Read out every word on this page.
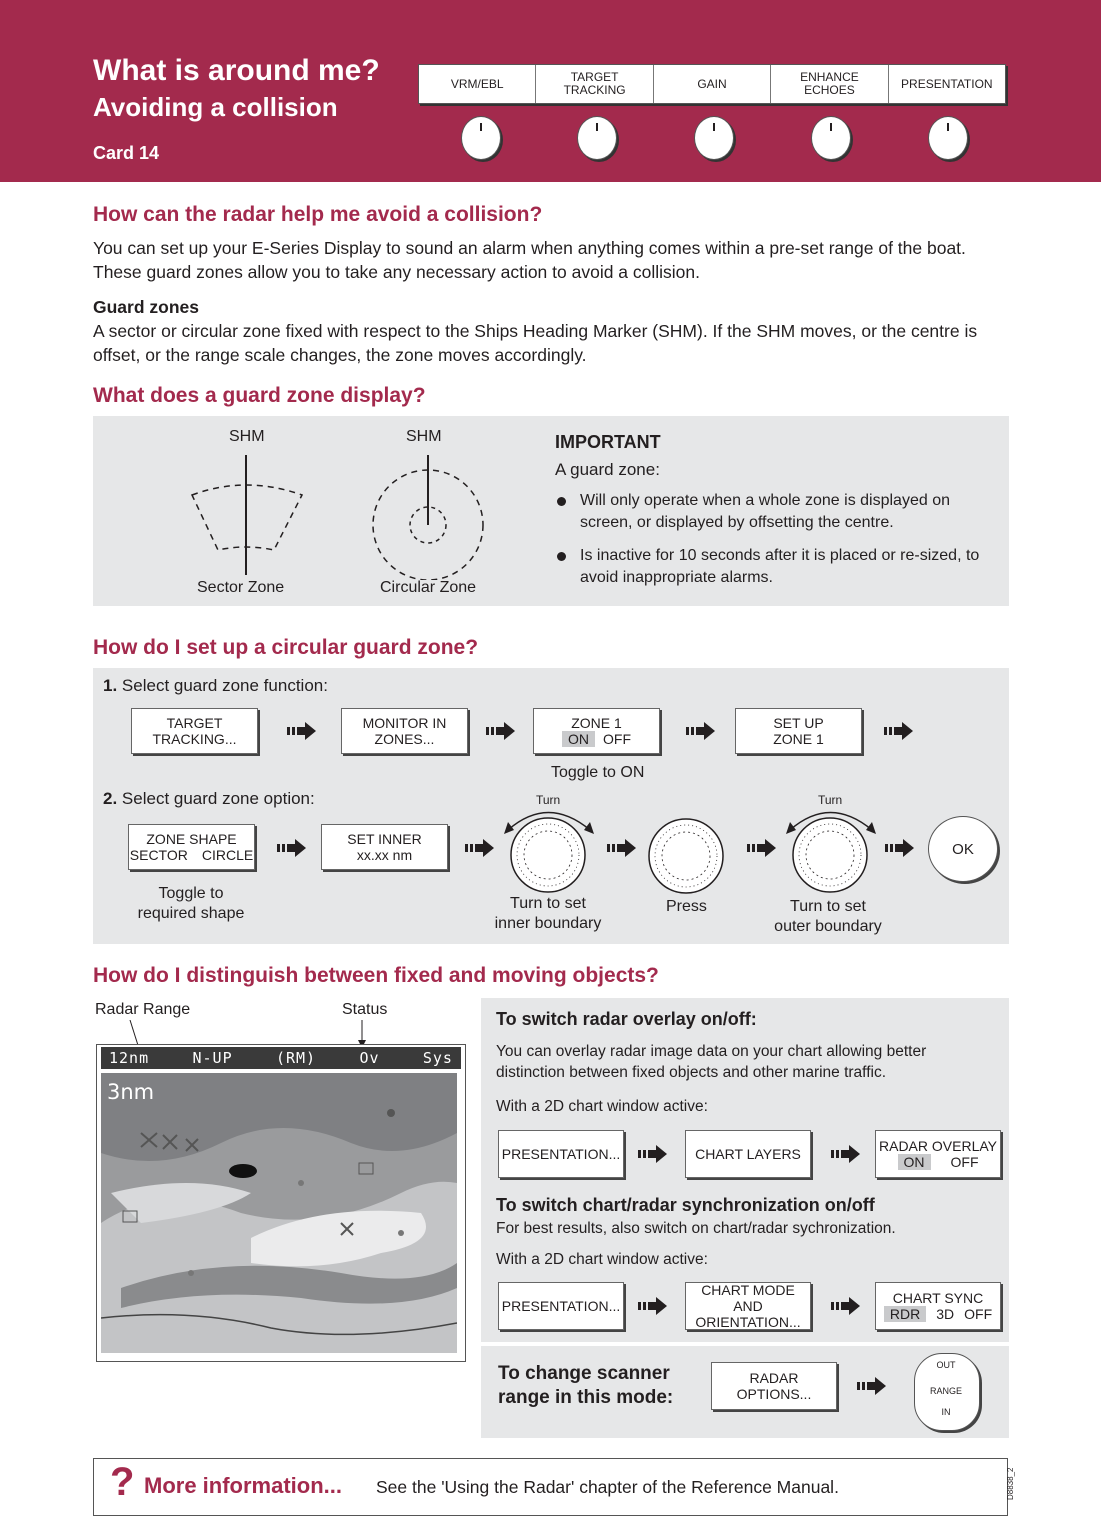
What is around me?
Avoiding a collision
Card 14
VRM/EBL	TARGET
TRACKING	GAIN	ENHANCE
ECHOES	PRESENTATION
How can the radar help me avoid a collision?
You can set up your E-Series Display to sound an alarm when anything comes within a pre-set range of the boat.
These guard zones allow you to take any necessary action to avoid a collision.
Guard zones
A sector or circular zone fixed with respect to the Ships Heading Marker (SHM). If the SHM moves, or the centre is
offset, or the range scale changes, the zone moves accordingly.
What does a guard zone display?
SHM	SHM
Sector Zone	Circular Zone
IMPORTANT
A guard zone:
Will only operate when a whole zone is displayed on
screen, or displayed by offsetting the centre.
Is inactive for 10 seconds after it is placed or re-sized, to
avoid inappropriate alarms.
How do I set up a circular guard zone?
1. Select guard zone function:
TARGET
TRACKING...
MONITOR IN
ZONES...
ZONE 1
ON	OFF
Toggle to ON
SET UP
ZONE 1
2. Select guard zone option:
ZONE SHAPE
SECTOR CIRCLE
Toggle to
required shape
SET INNER
xx.xx nm
Turn
Turn to set
inner boundary
Press
Turn
Turn to set
outer boundary
OK
How do I distinguish between fixed and moving objects?
Radar Range	Status
12nm	N-UP	(RM)	Ov	Sys
3nm
To switch radar overlay on/off:
You can overlay radar image data on your chart allowing better
distinction between fixed objects and other marine traffic.
With a 2D chart window active:
PRESENTATION...	CHART LAYERS	RADAR OVERLAY
ON	OFF
To switch chart/radar synchronization on/off
For best results, also switch on chart/radar sychronization.
With a 2D chart window active:
PRESENTATION...
CHART MODE AND
ORIENTATION...
CHART SYNC
RDR	3D OFF
To change scanner
range in this mode:
RADAR
OPTIONS...
OUT
RANGE
IN
? More information... See the 'Using the Radar' chapter of the Reference Manual.	D8838_2
